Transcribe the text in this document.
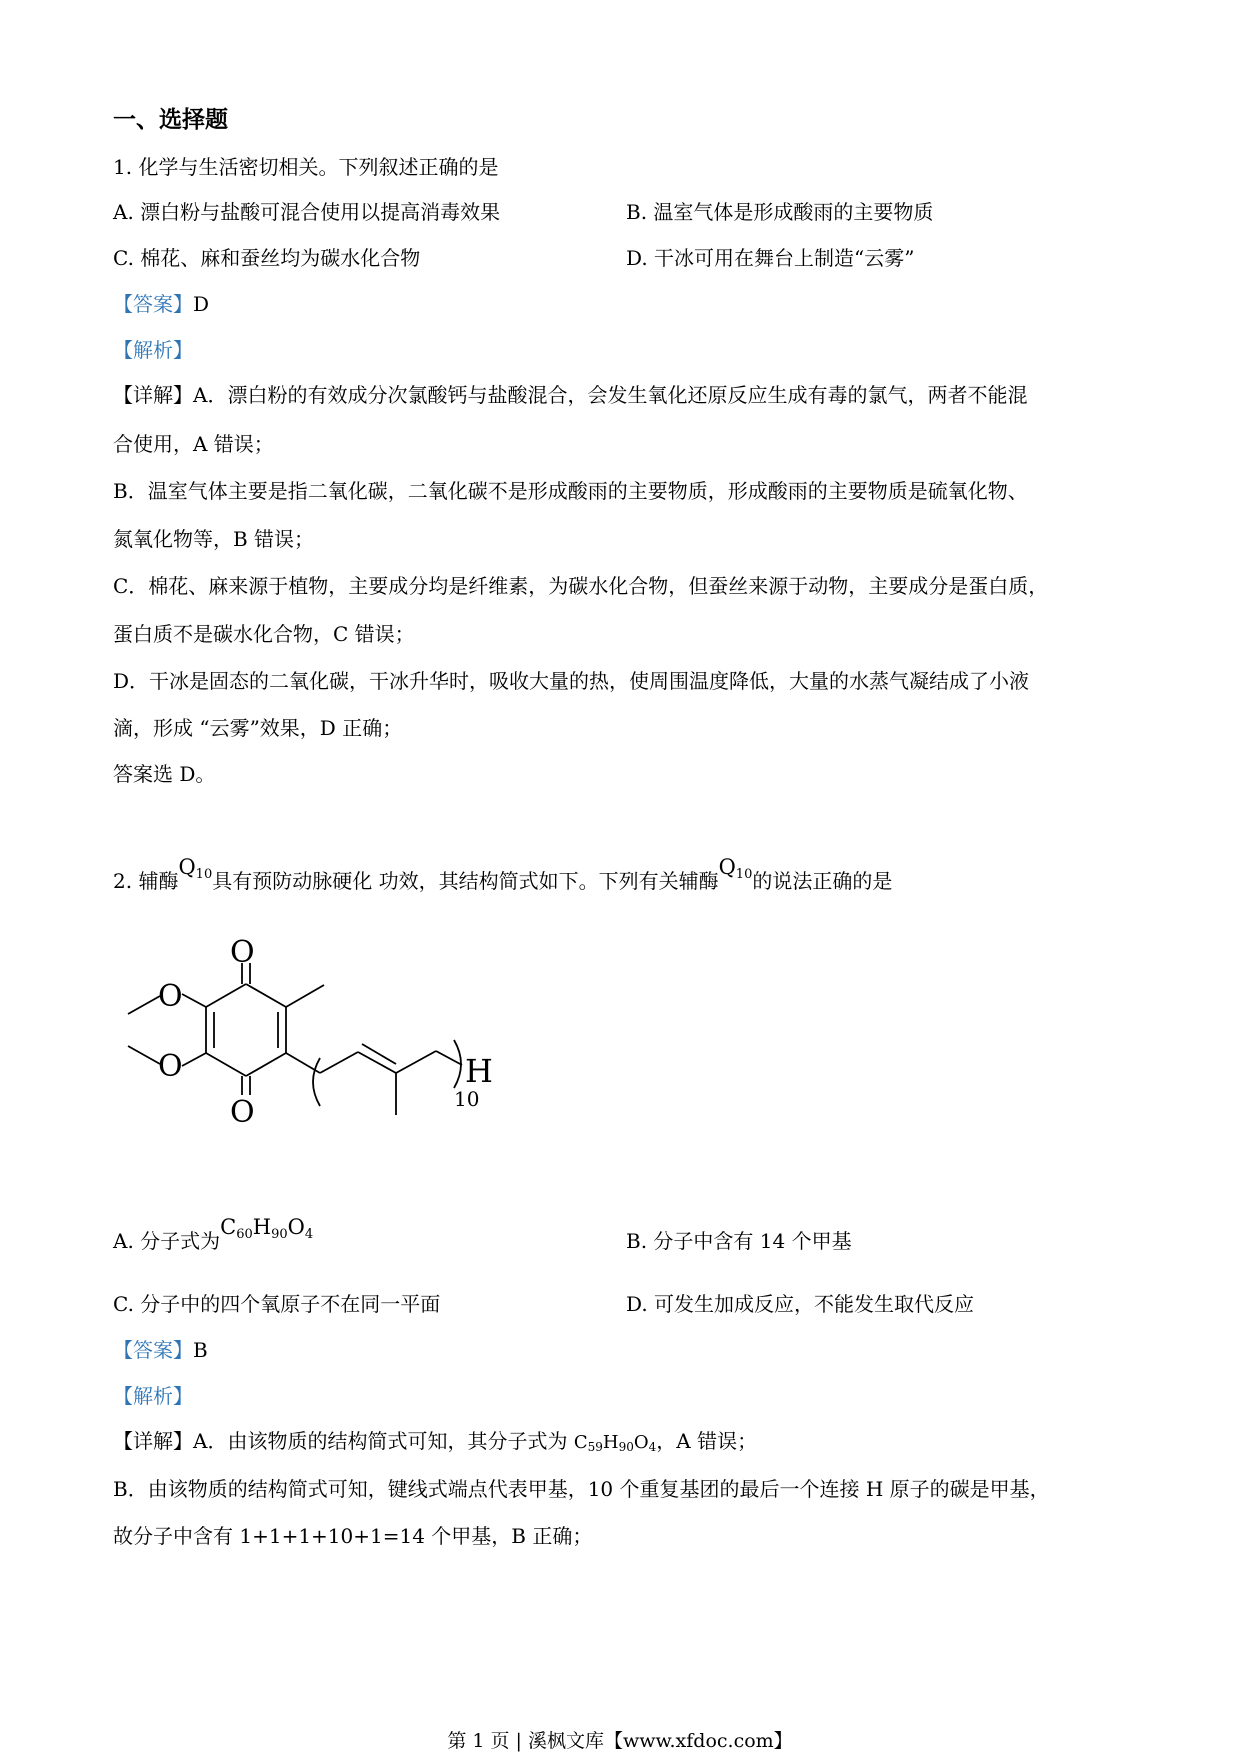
一、选择题
1. 化学与生活密切相关。下列叙述正确的是
A. 漂白粉与盐酸可混合使用以提高消毒效果	B. 温室气体是形成酸雨的主要物质
C. 棉花、麻和蚕丝均为碳水化合物	D. 干冰可用在舞台上制造“云雾”
【答案】D
【解析】
【详解】A．漂白粉的有效成分次氯酸钙与盐酸混合，会发生氧化还原反应生成有毒的氯气，两者不能混
合使用，A 错误；
B．温室气体主要是指二氧化碳，二氧化碳不是形成酸雨的主要物质，形成酸雨的主要物质是硫氧化物、
氮氧化物等，B 错误；
C．棉花、麻来源于植物，主要成分均是纤维素，为碳水化合物，但蚕丝来源于动物，主要成分是蛋白质，
蛋白质不是碳水化合物，C 错误；
D．干冰是固态的二氧化碳，干冰升华时，吸收大量的热，使周围温度降低，大量的水蒸气凝结成了小液
滴，形成 “云雾”效果，D 正确；
答案选 D。
2. 辅酶Q10具有预防动脉硬化 功效，其结构简式如下。下列有关辅酶Q10的说法正确的是
O
O
O
O	H
10
A. 分子式为C60H90O4	B. 分子中含有 14 个甲基
C. 分子中的四个氧原子不在同一平面	D. 可发生加成反应，不能发生取代反应
【答案】B
【解析】
【详解】A．由该物质的结构简式可知，其分子式为 C59H90O4，A 错误；
B．由该物质的结构简式可知，键线式端点代表甲基，10 个重复基团的最后一个连接 H 原子的碳是甲基，
故分子中含有 1+1+1+10+1=14 个甲基，B 正确；
第 1 页 | 溪枫文库【www.xfdoc.com】
